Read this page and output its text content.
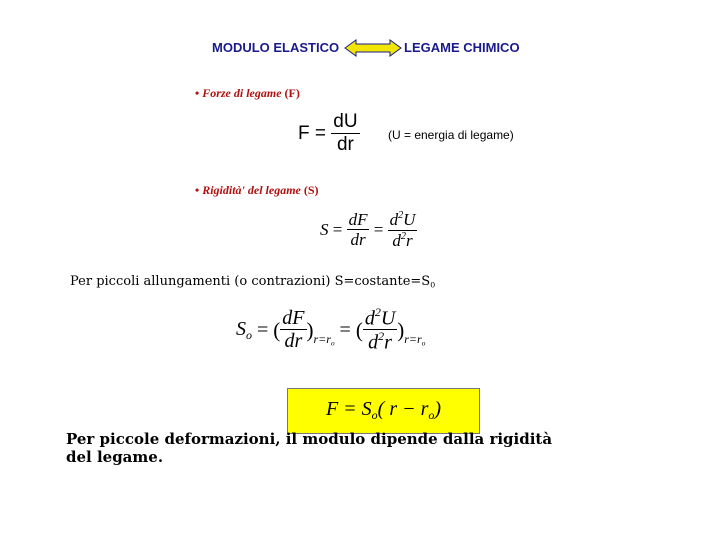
MODULO ELASTICO	LEGAME CHIMICO
• Forze di legame (F)
$F = \frac{dU}{dr} (U$ = energia di legame)
• Rigidità' del legame (S)
$S = \frac{dF}{dr} = \frac{d^2U}{d^2r}$
Per piccoli allungamenti (o contrazioni) $S=costante=S_0$
$S_o$ = ( $\frac{dF}{dr} )_{r=r_o}$ = ( $\frac{d^2U}{d^2r} )_{r=r_o}$
$F = S_o$( $r - r_o$)
Per piccole deformazioni, il modulo dipende dalla rigidità
del legame.
